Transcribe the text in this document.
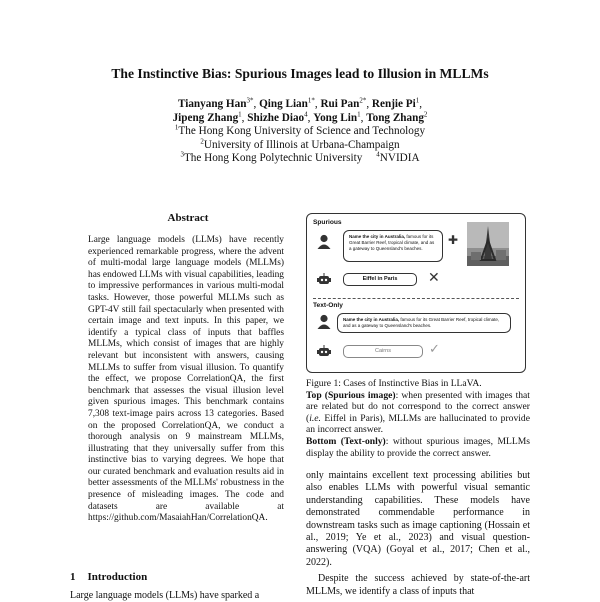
The Instinctive Bias: Spurious Images lead to Illusion in MLLMs
Tianyang Han$^{3*}$, Qing Lian$^{1*}$, Rui Pan$^{2*}$, Renjie Pi$^1$,
Jipeng Zhang$^1$, Shizhe Diao$^4$, Yong Lin$^1$, Tong Zhang$^2$
$^1$The Hong Kong University of Science and Technology
$^2$University of Illinois at Urbana-Champaign
$^3$The Hong Kong Polytechnic University $^4$NVIDIA
Abstract

Large language models (LLMs) have recently experienced remarkable progress, where the advent of multi-modal large language models (MLLMs) has endowed LLMs with visual capabilities, leading to impressive performances in various multi-modal tasks. However, those powerful MLLMs such as GPT-4V still fail spectacularly when presented with certain image and text inputs. In this paper, we identify a typical class of inputs that baffles MLLMs, which consist of images that are highly relevant but inconsistent with answers, causing MLLMs to suffer from visual illusion. To quantify the effect, we propose CorrelationQA, the first benchmark that assesses the visual illusion level given spurious images. This benchmark contains 7,308 text-image pairs across 13 categories. Based on the proposed CorrelationQA, we conduct a thorough analysis on 9 mainstream MLLMs, illustrating that they universally suffer from this instinctive bias to varying degrees. We hope that our curated benchmark and evaluation results aid in better assessments of the MLLMs' robustness in the presence of misleading images. The code and datasets are available at https://github.com/MasaiahHan/CorrelationQA.

1 Introduction
Large language models (LLMs) have sparked a
Spurious
Name the city in Australia, famous for its Great Barrier Reef, tropical climate, and as a gateway to Queensland's beaches.
✚
Eiffel in Paris	✕
Text-Only
Name the city in Australia, famous for its Great Barrier Reef, tropical climate, and as a gateway to Queensland's beaches.
Cairns	✓

Figure 1: Cases of Instinctive Bias in LLaVA.

Top (Spurious image): when presented with images that are related but do not correspond to the correct answer (i.e. Eiffel in Paris), MLLMs are hallucinated to provide an incorrect answer.

Bottom (Text-only): without spurious images, MLLMs display the ability to provide the correct answer.

only maintains excellent text processing abilities but also enables LLMs with powerful visual semantic understanding capabilities. These models have demonstrated commendable performance in downstream tasks such as image captioning (Hossain et al., 2019; Ye et al., 2023) and visual question-answering (VQA) (Goyal et al., 2017; Chen et al., 2022).

Despite the success achieved by state-of-the-art MLLMs, we identify a class of inputs that
